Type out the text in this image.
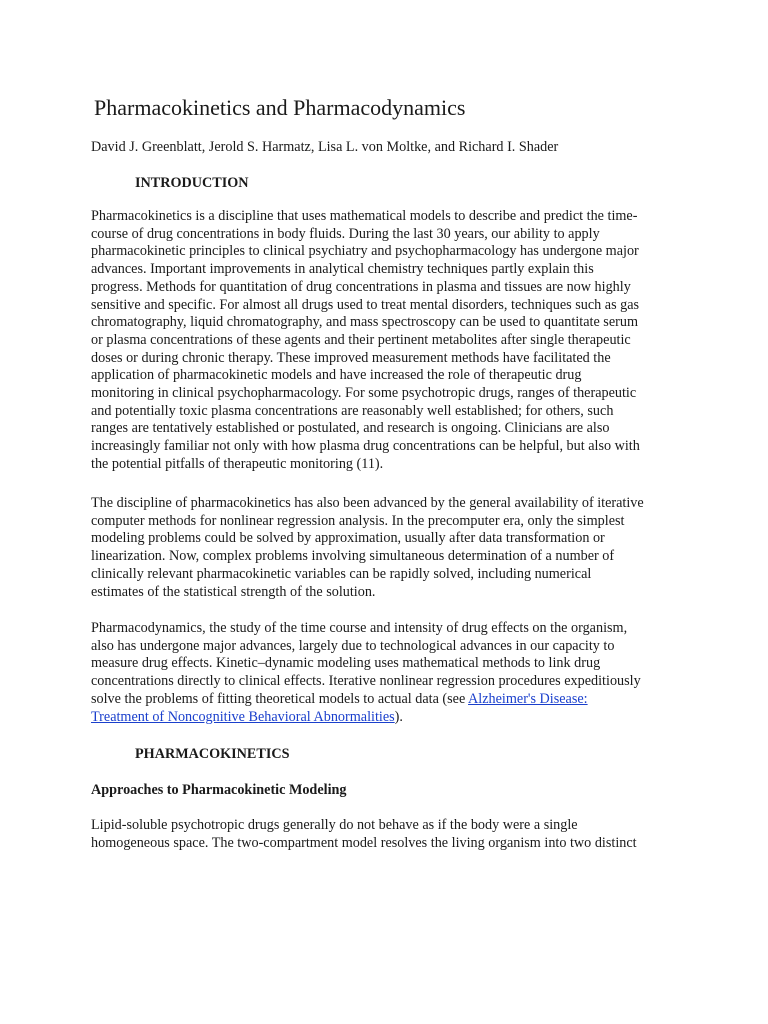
Pharmacokinetics and Pharmacodynamics
David J. Greenblatt, Jerold S. Harmatz, Lisa L. von Moltke, and Richard I. Shader
INTRODUCTION
Pharmacokinetics is a discipline that uses mathematical models to describe and predict the time-
course of drug concentrations in body fluids. During the last 30 years, our ability to apply
pharmacokinetic principles to clinical psychiatry and psychopharmacology has undergone major
advances. Important improvements in analytical chemistry techniques partly explain this
progress. Methods for quantitation of drug concentrations in plasma and tissues are now highly
sensitive and specific. For almost all drugs used to treat mental disorders, techniques such as gas
chromatography, liquid chromatography, and mass spectroscopy can be used to quantitate serum
or plasma concentrations of these agents and their pertinent metabolites after single therapeutic
doses or during chronic therapy. These improved measurement methods have facilitated the
application of pharmacokinetic models and have increased the role of therapeutic drug
monitoring in clinical psychopharmacology. For some psychotropic drugs, ranges of therapeutic
and potentially toxic plasma concentrations are reasonably well established; for others, such
ranges are tentatively established or postulated, and research is ongoing. Clinicians are also
increasingly familiar not only with how plasma drug concentrations can be helpful, but also with
the potential pitfalls of therapeutic monitoring (11).
The discipline of pharmacokinetics has also been advanced by the general availability of iterative
computer methods for nonlinear regression analysis. In the precomputer era, only the simplest
modeling problems could be solved by approximation, usually after data transformation or
linearization. Now, complex problems involving simultaneous determination of a number of
clinically relevant pharmacokinetic variables can be rapidly solved, including numerical
estimates of the statistical strength of the solution.
Pharmacodynamics, the study of the time course and intensity of drug effects on the organism,
also has undergone major advances, largely due to technological advances in our capacity to
measure drug effects. Kinetic–dynamic modeling uses mathematical methods to link drug
concentrations directly to clinical effects. Iterative nonlinear regression procedures expeditiously
solve the problems of fitting theoretical models to actual data (see Alzheimer's Disease:
Treatment of Noncognitive Behavioral Abnormalities).
PHARMACOKINETICS
Approaches to Pharmacokinetic Modeling
Lipid-soluble psychotropic drugs generally do not behave as if the body were a single
homogeneous space. The two-compartment model resolves the living organism into two distinct
